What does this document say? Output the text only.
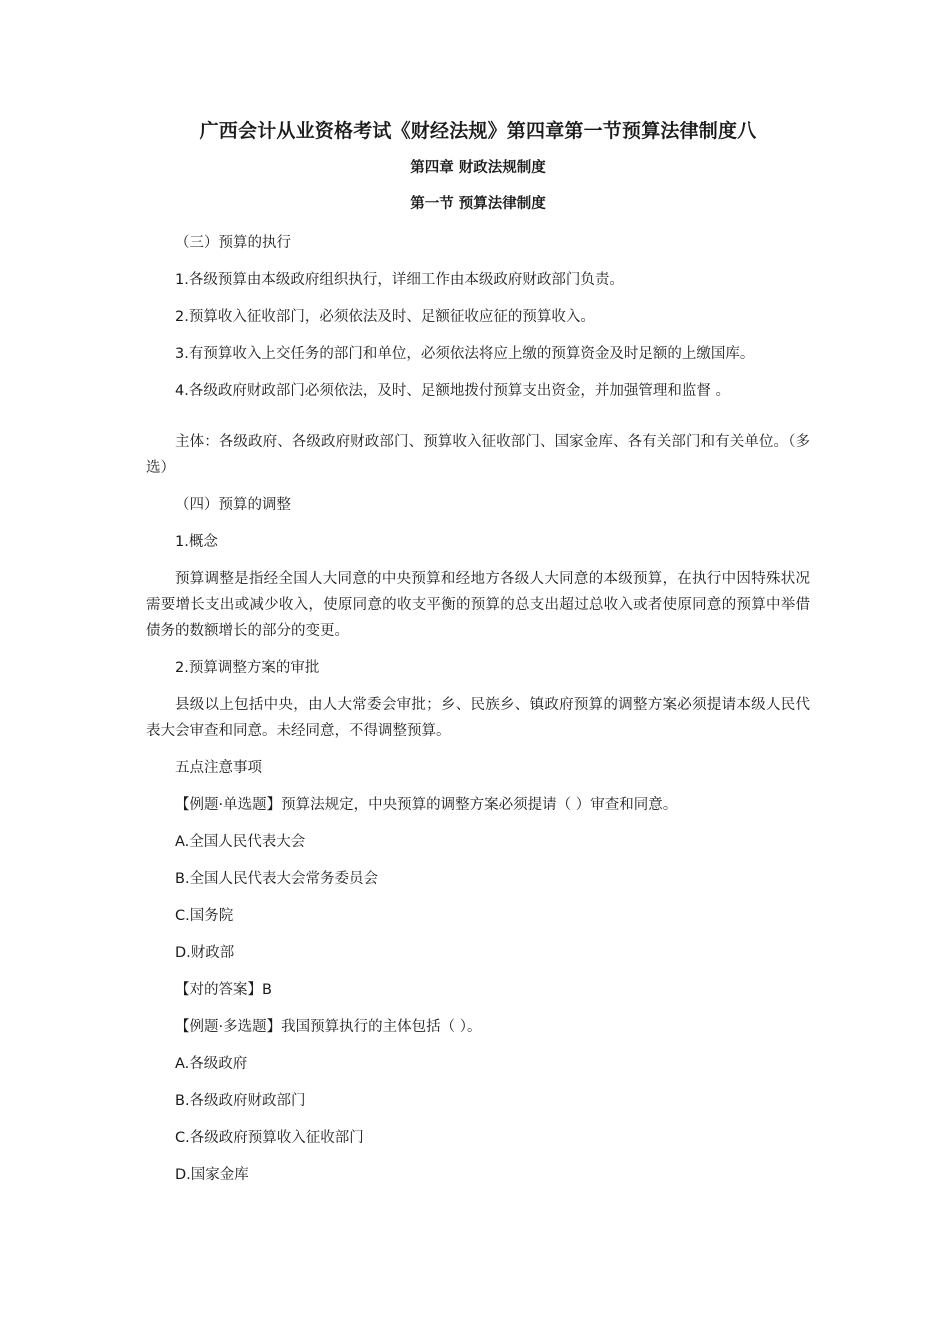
广西会计从业资格考试《财经法规》第四章第一节预算法律制度八
第四章 财政法规制度
第一节 预算法律制度

（三）预算的执行

1.各级预算由本级政府组织执行，详细工作由本级政府财政部门负责。

2.预算收入征收部门，必须依法及时、足额征收应征的预算收入。

3.有预算收入上交任务的部门和单位，必须依法将应上缴的预算资金及时足额的上缴国库。

4.各级政府财政部门必须依法，及时、足额地拨付预算支出资金，并加强管理和监督 。

主体：各级政府、各级政府财政部门、预算收入征收部门、国家金库、各有关部门和有关单位。（多选）

（四）预算的调整

1.概念

预算调整是指经全国人大同意的中央预算和经地方各级人大同意的本级预算，在执行中因特殊状况需要增长支出或减少收入，使原同意的收支平衡的预算的总支出超过总收入或者使原同意的预算中举借债务的数额增长的部分的变更。

2.预算调整方案的审批

县级以上包括中央，由人大常委会审批；乡、民族乡、镇政府预算的调整方案必须提请本级人民代表大会审查和同意。未经同意，不得调整预算。

五点注意事项

【例题·单选题】预算法规定，中央预算的调整方案必须提请（ ）审查和同意。

A.全国人民代表大会

B.全国人民代表大会常务委员会

C.国务院

D.财政部

【对的答案】B

【例题·多选题】我国预算执行的主体包括（ ）。

A.各级政府

B.各级政府财政部门

C.各级政府预算收入征收部门

D.国家金库
